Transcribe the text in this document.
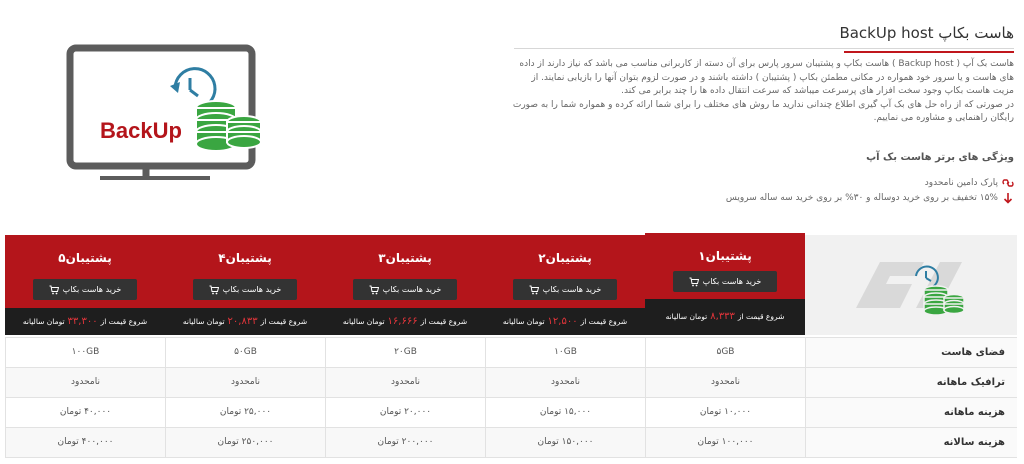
BackUp
هاست بکاپ BackUp host

هاست بک آپ ( Backup host ) هاست بکاپ و پشتیبان سرور پارس برای آن دسته از کاربرانی مناسب می باشد که نیاز دارند از داده های هاست و یا سرور خود همواره در مکانی مطمئن بکاپ ( پشتیبان ) داشته باشند و در صورت لزوم بتوان آنها را بازیابی نمایند. از مزیت هاست بکاپ وجود سخت افزار های پرسرعت میباشد که سرعت انتقال داده ها را چند برابر می کند.

در صورتی که از راه حل های بک آپ گیری اطلاع چندانی ندارید ما روش های مختلف را برای شما ارائه کرده و همواره شما را به صورت رایگان راهنمایی و مشاوره می نماییم.

ویژگی های برتر هاست بک آپ
پارک دامین نامحدود
۱۵% تخفیف بر روی خرید دوساله و ۳۰% بر روی خرید سه ساله سرویس
پشتیبان۵
خرید هاست بکاپ
شروع قیمت از
۳۳,۳۰۰
تومان سالیانه
پشتیبان۴
خرید هاست بکاپ
شروع قیمت از
۲۰,۸۳۳
تومان سالیانه
پشتیبان۳
خرید هاست بکاپ
شروع قیمت از
۱۶,۶۶۶
تومان سالیانه
پشتیبان۲
خرید هاست بکاپ
شروع قیمت از
۱۲,۵۰۰
تومان سالیانه
پشتیبان۱
خرید هاست بکاپ
شروع قیمت از
۸,۳۳۳
تومان سالیانه
۱۰۰GB	۵۰GB	۲۰GB	۱۰GB	۵GB	فضای هاست
نامحدود	نامحدود	نامحدود	نامحدود	نامحدود	ترافیک ماهانه
۴۰,۰۰۰ تومان	۲۵,۰۰۰ تومان	۲۰,۰۰۰ تومان	۱۵,۰۰۰ تومان	۱۰,۰۰۰ تومان	هزینه ماهانه
۴۰۰,۰۰۰ تومان	۲۵۰,۰۰۰ تومان	۲۰۰,۰۰۰ تومان	۱۵۰,۰۰۰ تومان	۱۰۰,۰۰۰ تومان	هزینه سالانه
